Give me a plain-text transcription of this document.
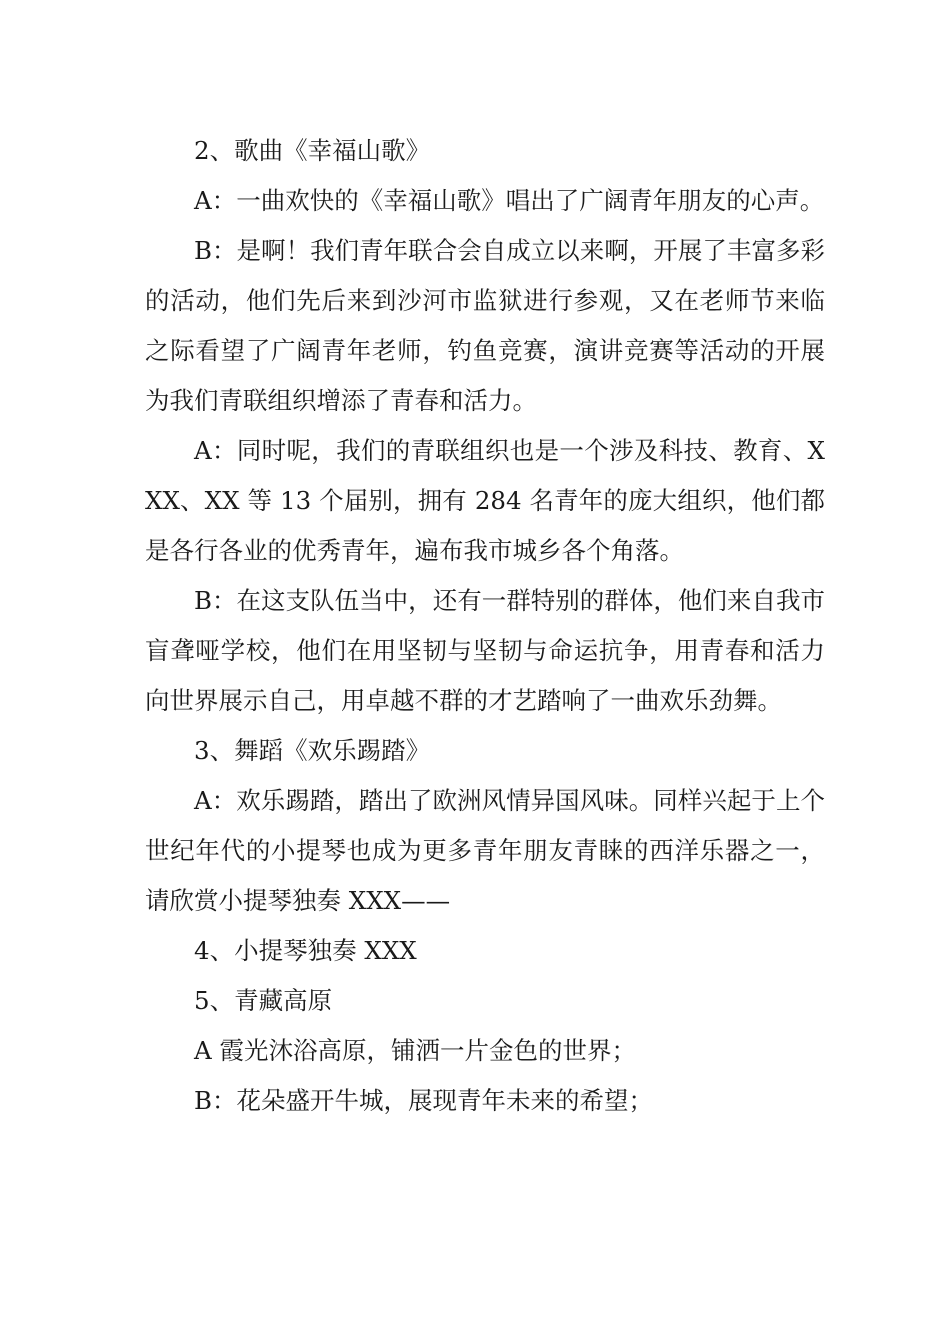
2、歌曲《幸福山歌》

A：一曲欢快的《幸福山歌》唱出了广阔青年朋友的心声。

B：是啊！我们青年联合会自成立以来啊，开展了丰富多彩的活动，他们先后来到沙河市监狱进行参观，又在老师节来临之际看望了广阔青年老师，钓鱼竞赛，演讲竞赛等活动的开展为我们青联组织增添了青春和活力。

A：同时呢，我们的青联组织也是一个涉及科技、教育、XXX、XX 等 13 个届别，拥有 284 名青年的庞大组织，他们都是各行各业的优秀青年，遍布我市城乡各个角落。

B：在这支队伍当中，还有一群特别的群体，他们来自我市盲聋哑学校，他们在用坚韧与坚韧与命运抗争，用青春和活力向世界展示自己，用卓越不群的才艺踏响了一曲欢乐劲舞。

3、舞蹈《欢乐踢踏》

A：欢乐踢踏，踏出了欧洲风情异国风味。同样兴起于上个世纪年代的小提琴也成为更多青年朋友青睐的西洋乐器之一，请欣赏小提琴独奏 XXX——

4、小提琴独奏 XXX

5、青藏高原

A 霞光沐浴高原，铺洒一片金色的世界；

B：花朵盛开牛城，展现青年未来的希望；
